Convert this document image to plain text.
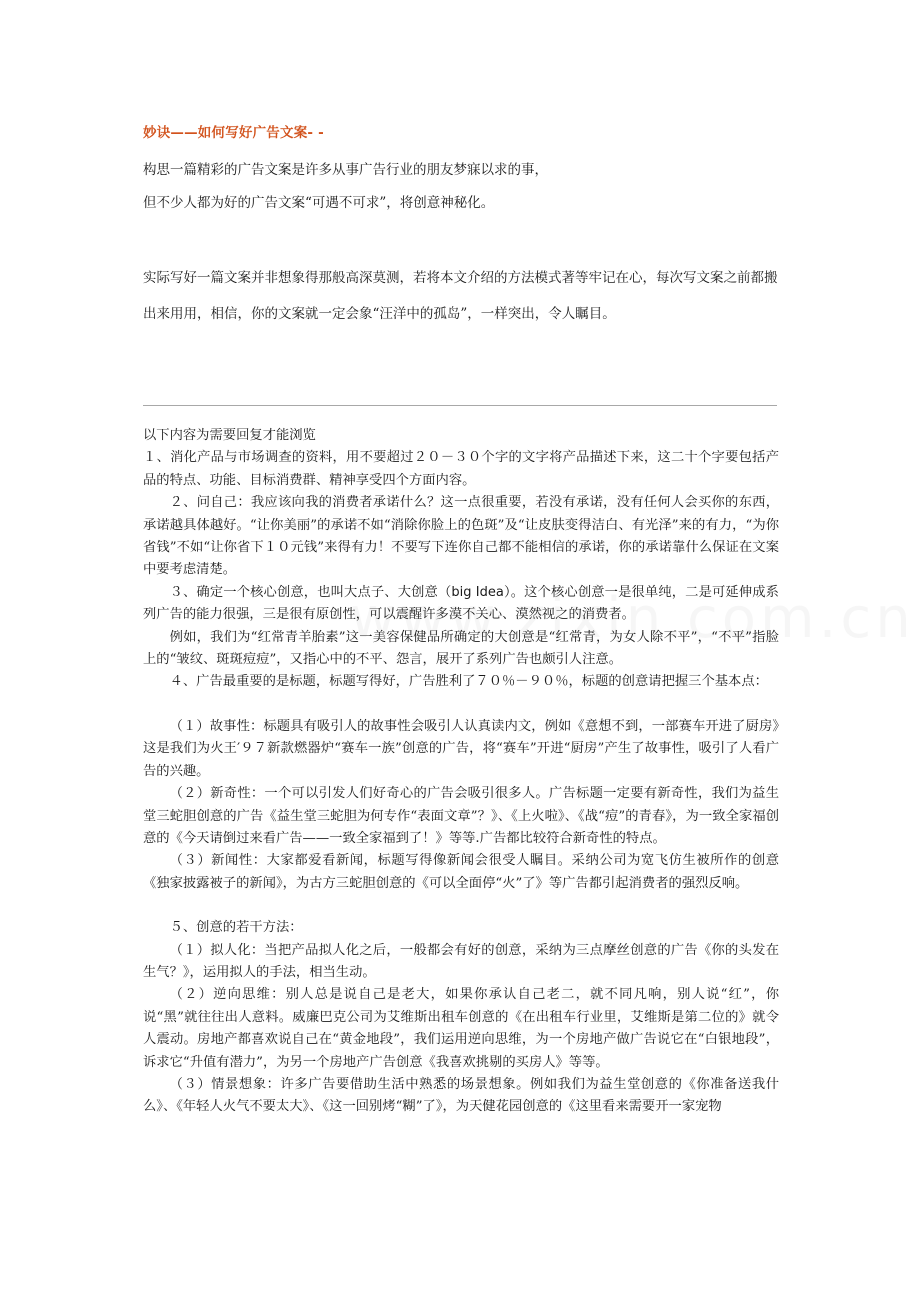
妙诀——如何写好广告文案- -
构思一篇精彩的广告文案是许多从事广告行业的朋友梦寐以求的事，
但不少人都为好的广告文案“可遇不可求”，将创意神秘化。
实际写好一篇文案并非想象得那般高深莫测，若将本文介绍的方法模式著等牢记在心，每次写文案之前都搬出来用用，相信，你的文案就一定会象“汪洋中的孤岛”，一样突出，令人瞩目。

以下内容为需要回复才能浏览

１、消化产品与市场调查的资料，用不要超过２０－３０个字的文字将产品描述下来，这二十个字要包括产品的特点、功能、目标消费群、精神享受四个方面内容。

２、问自己：我应该向我的消费者承诺什么？这一点很重要，若没有承诺，没有任何人会买你的东西，承诺越具体越好。“让你美丽”的承诺不如“消除你脸上的色斑”及“让皮肤变得洁白、有光泽”来的有力，“为你省钱”不如“让你省下１０元钱”来得有力！不要写下连你自己都不能相信的承诺，你的承诺靠什么保证在文案中要考虑清楚。

３、确定一个核心创意，也叫大点子、大创意（big Idea）。这个核心创意一是很单纯，二是可延伸成系列广告的能力很强，三是很有原创性，可以震醒许多漠不关心、漠然视之的消费者。

例如，我们为“红常青羊胎素”这一美容保健品所确定的大创意是“红常青，为女人除不平”，“不平”指脸上的“皱纹、斑斑痘痘”，又指心中的不平、怨言，展开了系列广告也颇引人注意。

４、广告最重要的是标题，标题写得好，广告胜利了７０％－９０％，标题的创意请把握三个基本点：

（１）故事性：标题具有吸引人的故事性会吸引人认真读内文，例如《意想不到，一部赛车开进了厨房》这是我们为火王′９７新款燃器炉“赛车一族”创意的广告，将“赛车”开进“厨房”产生了故事性，吸引了人看广告的兴趣。

（２）新奇性：一个可以引发人们好奇心的广告会吸引很多人。广告标题一定要有新奇性，我们为益生堂三蛇胆创意的广告《益生堂三蛇胆为何专作“表面文章”？》、《上火啦》、《战“痘”的青春》，为一致全家福创意的《今天请倒过来看广告——一致全家福到了！》等等.广告都比较符合新奇性的特点。

（３）新闻性：大家都爱看新闻，标题写得像新闻会很受人瞩目。采纳公司为宽飞仿生被所作的创意《独家披露被子的新闻》，为古方三蛇胆创意的《可以全面停“火”了》等广告都引起消费者的强烈反响。

５、创意的若干方法：

（１）拟人化：当把产品拟人化之后，一般都会有好的创意，采纳为三点摩丝创意的广告《你的头发在生气？》，运用拟人的手法，相当生动。

（２）逆向思维：别人总是说自己是老大，如果你承认自己老二，就不同凡响，别人说“红”，你说“黑”就往往出人意料。威廉巴克公司为艾维斯出租车创意的《在出租车行业里，艾维斯是第二位的》就令人震动。房地产都喜欢说自己在“黄金地段”，我们运用逆向思维，为一个房地产做广告说它在“白银地段”，诉求它“升值有潜力”，为另一个房地产广告创意《我喜欢挑剔的买房人》等等。

（３）情景想象：许多广告要借助生活中熟悉的场景想象。例如我们为益生堂创意的《你准备送我什么》、《年轻人火气不要太大》、《这一回别烤“糊”了》，为天健花园创意的《这里看来需要开一家宠物
